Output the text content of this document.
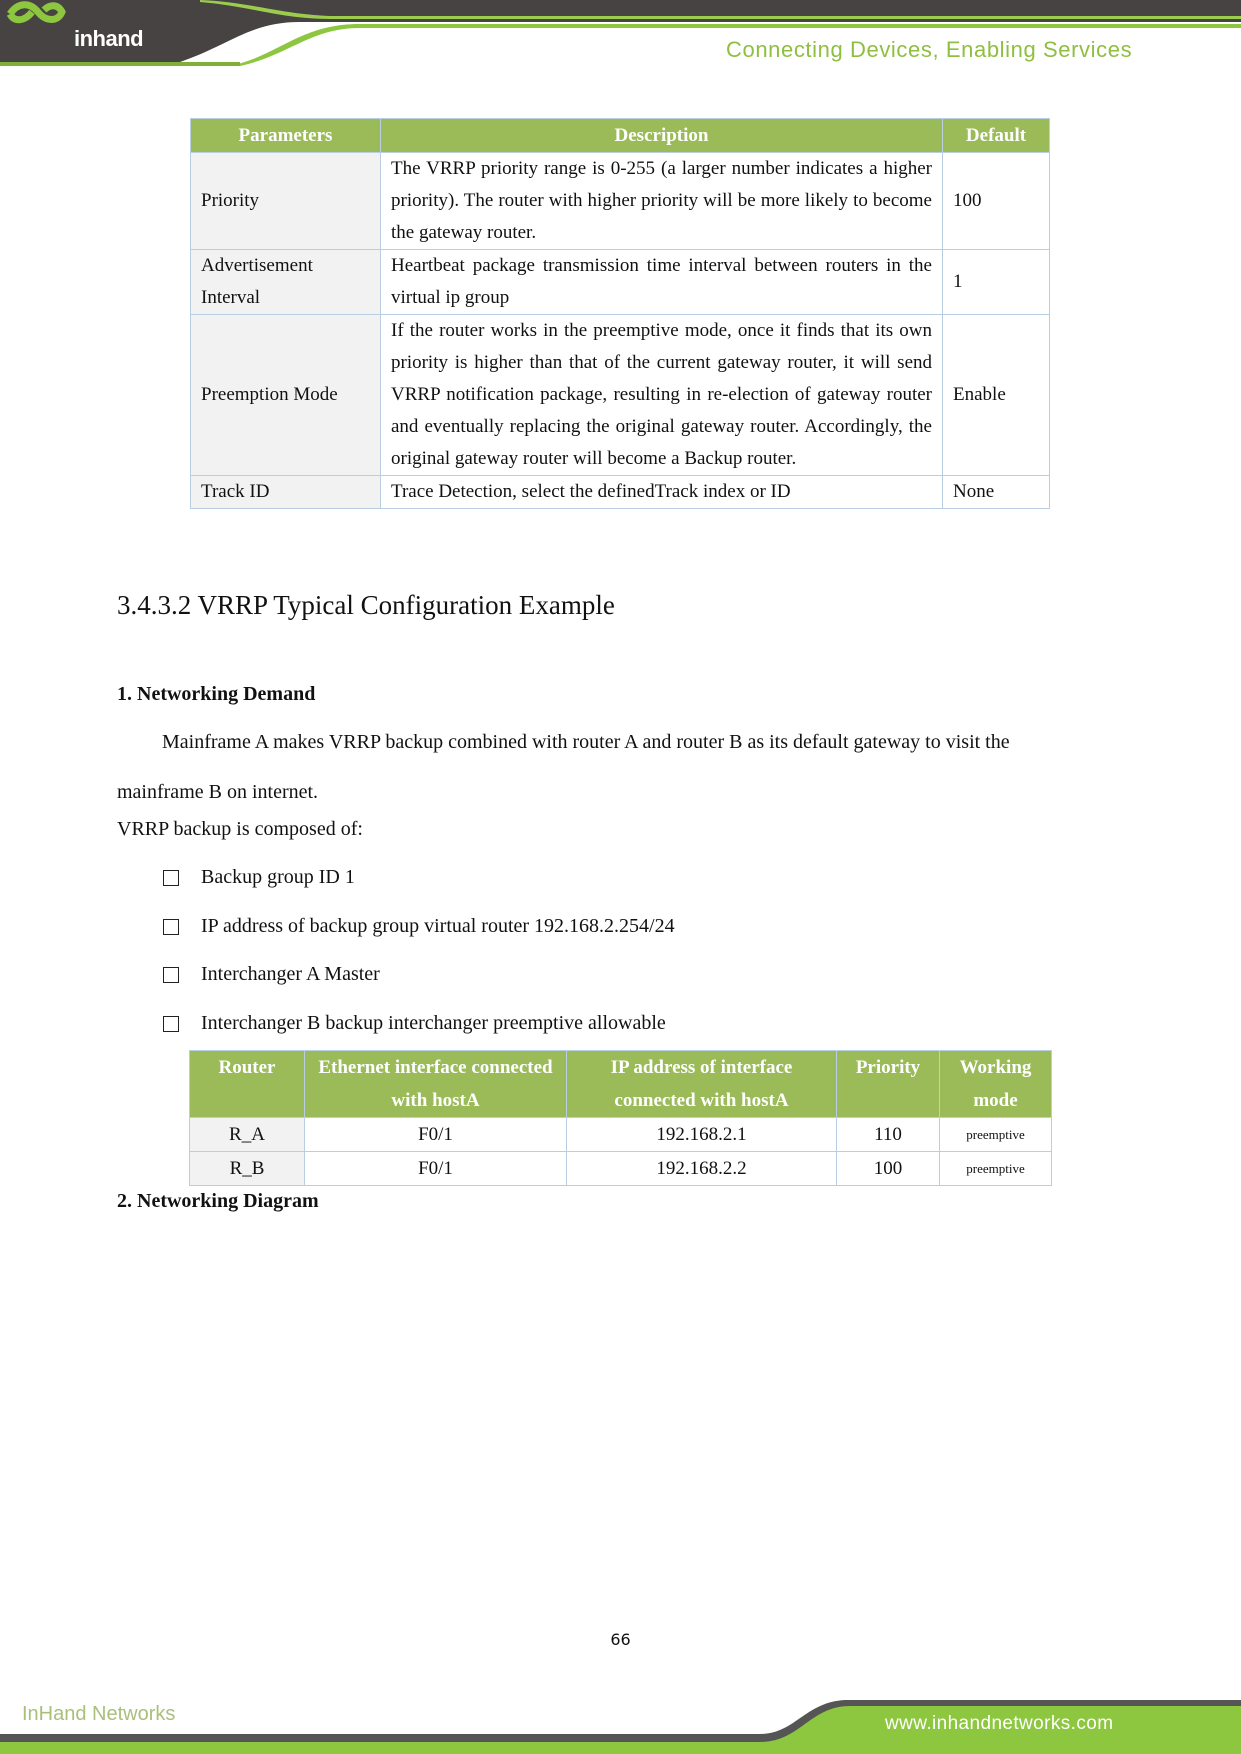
inhand	Connecting Devices, Enabling Services
Parameters	Description	Default
Priority	The VRRP priority range is 0-255 (a larger number indicates a higher priority). The router with higher priority will be more likely to become the gateway router.	100
Advertisement Interval	Heartbeat package transmission time interval between routers in the virtual ip group	1
Preemption Mode	If the router works in the preemptive mode, once it finds that its own priority is higher than that of the current gateway router, it will send VRRP notification package, resulting in re-election of gateway router and eventually replacing the original gateway router. Accordingly, the original gateway router will become a Backup router.	Enable
Track ID	Trace Detection, select the definedTrack index or ID	None
3.4.3.2 VRRP Typical Configuration Example
1. Networking Demand
Mainframe A makes VRRP backup combined with router A and router B as its default gateway to visit the
mainframe B on internet.
VRRP backup is composed of:
Backup group ID 1
IP address of backup group virtual router 192.168.2.254/24
Interchanger A Master
Interchanger B backup interchanger preemptive allowable
Router	Ethernet interface connected with hostA	IP address of interface connected with hostA	Priority	Working mode
R_A	F0/1	192.168.2.1	110	preemptive
R_B	F0/1	192.168.2.2	100	preemptive
2. Networking Diagram
66
InHand Networks	www.inhandnetworks.com
